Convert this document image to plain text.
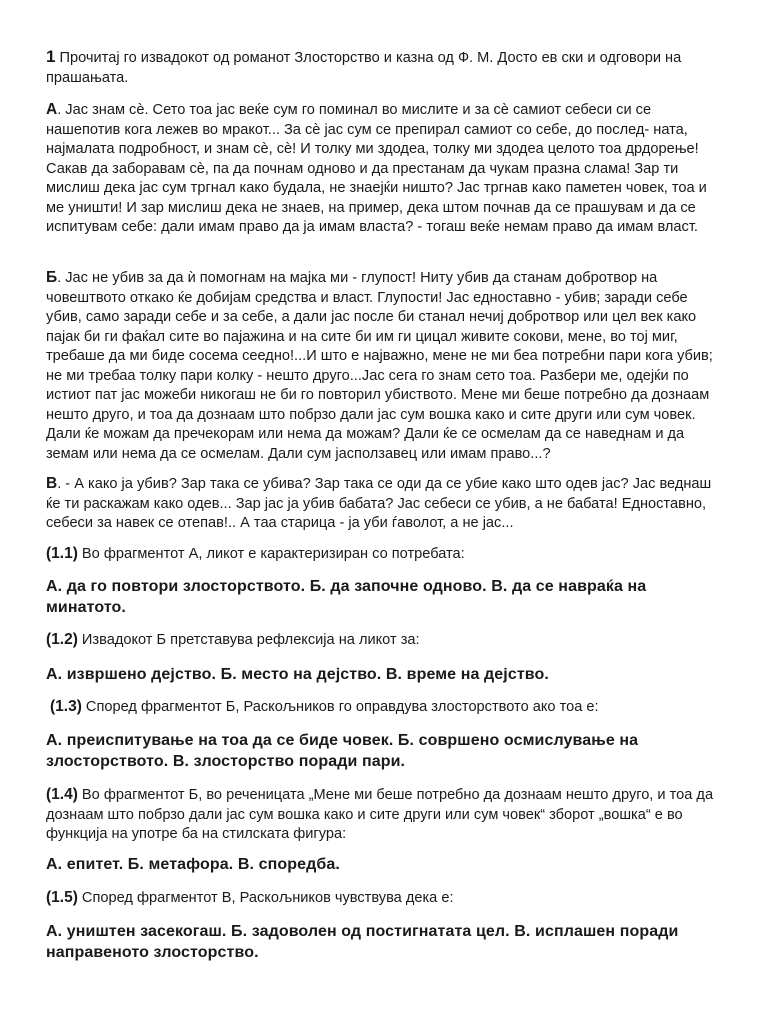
1 Прочитај го извадокот од романот Злосторство и казна од Ф. М. Досто ев ски и одговори на прашањата.

А. Јас знам сѐ. Сето тоа јас веќе сум го поминал во мислите и за сѐ самиот себеси си се нашепотив кога лежев во мракот... За сѐ јас сум се препирал самиот со себе, до послед- ната, најмалата подробност, и знам сѐ, сѐ! И толку ми здодеа, толку ми здодеа целото тоа дрдорење! Сакав да заборавам сѐ, па да почнам одново и да престанам да чукам празна слама! Зар ти мислиш дека јас сум тргнал како будала, не знаејќи ништо? Јас тргнав како паметен човек, тоа и ме уништи! И зар мислиш дека не знаев, на пример, дека штом почнав да се прашувам и да се испитувам себе: дали имам право да ја имам власта? - тогаш веќе немам право да имам власт.

Б. Јас не убив за да ѝ помогнам на мајка ми - глупост! Ниту убив да станам добротвор на човештвото откако ќе добијам средства и власт. Глупости! Јас едноставно - убив; заради себе убив, само заради себе и за себе, а дали јас после би станал нечиј добротвор или цел век како пајак би ги фаќал сите во пајажина и на сите би им ги цицал живите сокови, мене, во тој миг, требаше да ми биде сосема сеедно!...И што е најважно, мене не ми беа потребни пари кога убив; не ми требаа толку пари колку - нешто друго...Јас сега го знам сето тоа. Разбери ме, одејќи по истиот пат јас можеби никогаш не би го повторил убиството. Мене ми беше потребно да дознаам нешто друго, и тоа да дознаам што побрзо дали јас сум вошка како и сите други или сум човек. Дали ќе можам да пречекорам или нема да можам? Дали ќе се осмелам да се наведнам и да земам или нема да се осмелам. Дали сум јасползавец или имам право...?

В. - А како ја убив? Зар така се убива? Зар така се оди да се убие како што одев јас? Јас веднаш ќе ти раскажам како одев... Зар јас ја убив бабата? Јас себеси се убив, а не бабата! Едноставно, себеси за навек се отепав!.. А таа старица - ја уби ѓаволот, а не јас...

(1.1) Во фрагментот А, ликот е карактеризиран со потребата:

А. да го повтори злосторството. Б. да започне одново. В. да се навраќа на минатото.

(1.2) Извадокот Б претставува рефлексија на ликот за:

А. извршено дејство. Б. место на дејство. В. време на дејство.

(1.3) Според фрагментот Б, Раскољников го оправдува злосторството ако тоа е:

А. преиспитување на тоа да се биде човек. Б. совршено осмислување на злосторството. В. злосторство поради пари.

(1.4) Во фрагментот Б, во реченицата „Мене ми беше потребно да дознаам нешто друго, и тоа да дознаам што побрзо дали јас сум вошка како и сите други или сум човек“ зборот „вошка“ е во функција на употре ба на стилската фигура:

А. епитет. Б. метафора. В. споредба.

(1.5) Според фрагментот В, Раскољников чувствува дека е:

А. уништен засекогаш. Б. задоволен од постигнатата цел. В. исплашен поради направеното злосторство.
